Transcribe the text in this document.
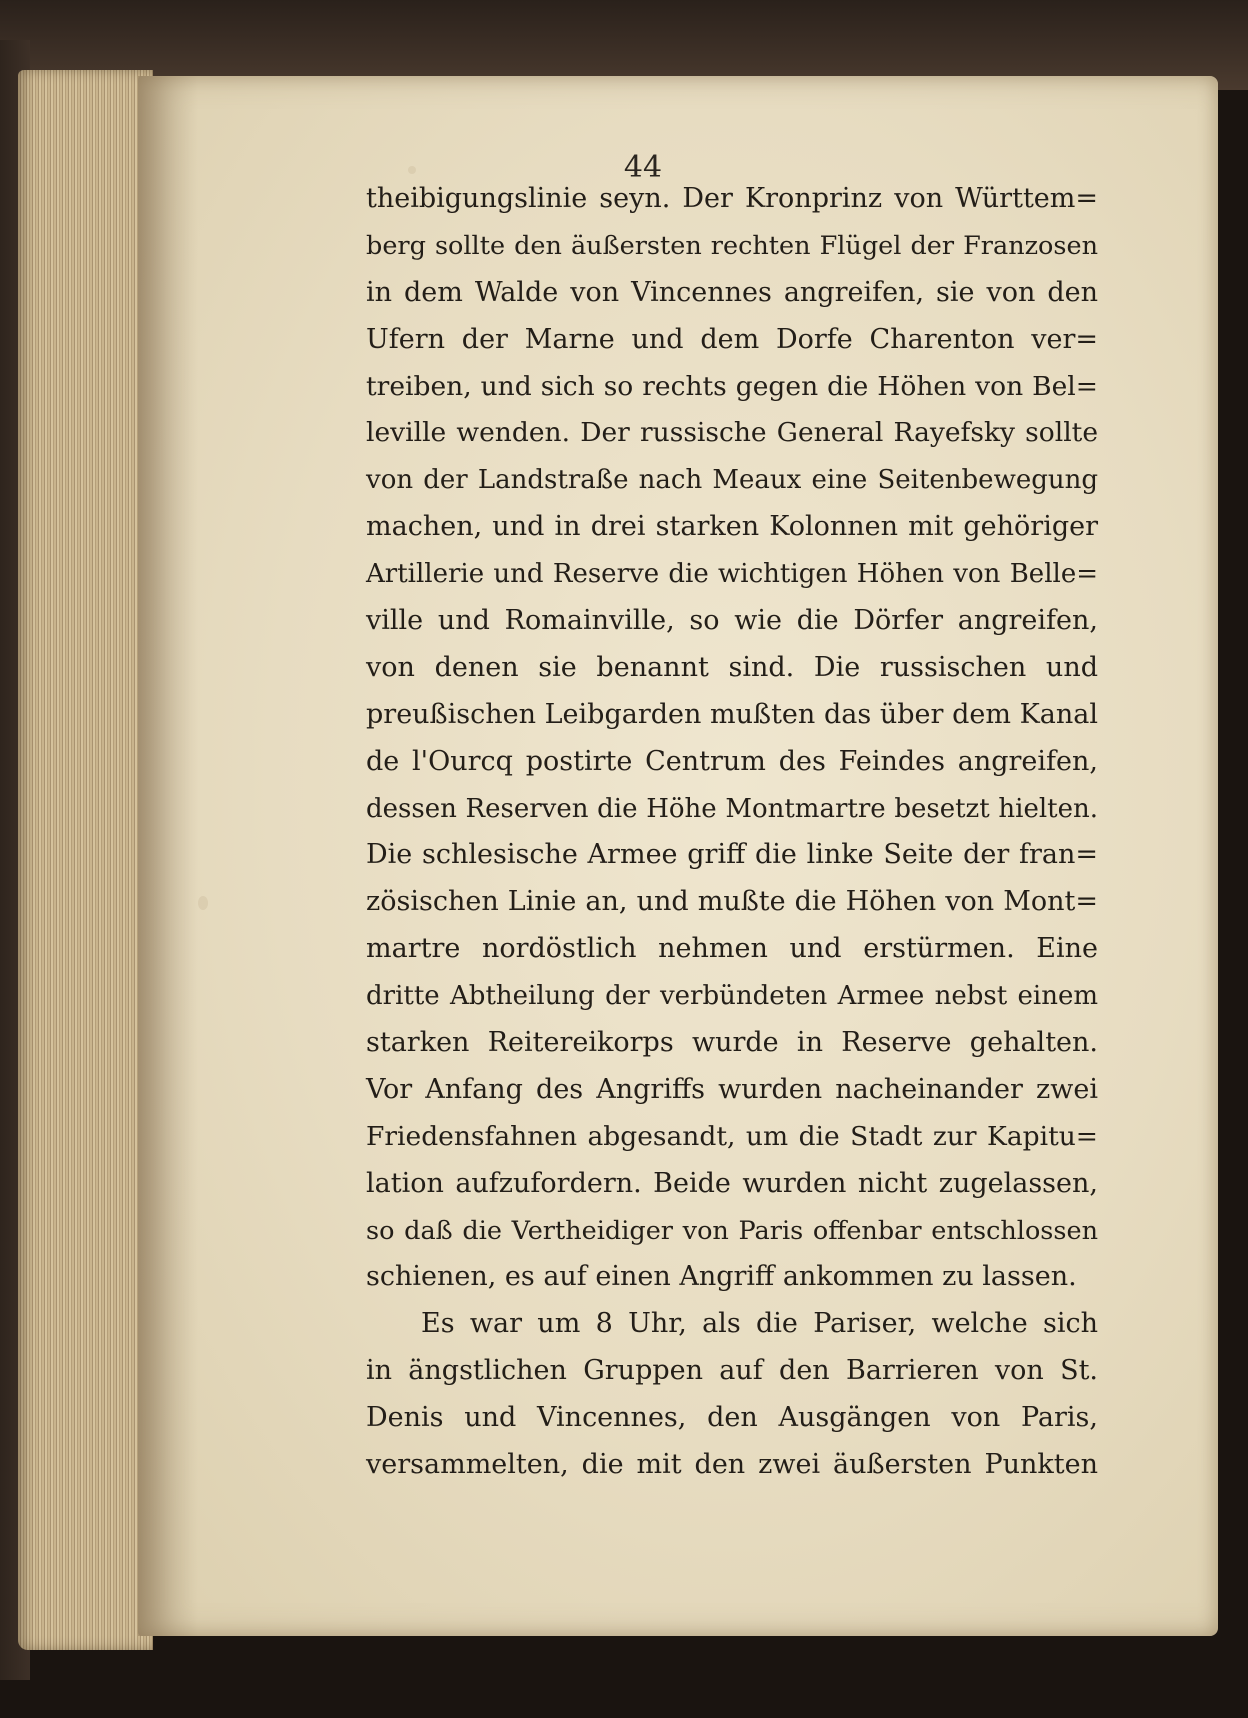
44
theibigungslinie seyn. Der Kronprinz von Württem=
berg sollte den äußersten rechten Flügel der Franzosen
in dem Walde von Vincennes angreifen, sie von den
Ufern der Marne und dem Dorfe Charenton ver=
treiben, und sich so rechts gegen die Höhen von Bel=
leville wenden. Der russische General Rayefsky sollte
von der Landstraße nach Meaux eine Seitenbewegung
machen, und in drei starken Kolonnen mit gehöriger
Artillerie und Reserve die wichtigen Höhen von Belle=
ville und Romainville, so wie die Dörfer angreifen,
von denen sie benannt sind. Die russischen und
preußischen Leibgarden mußten das über dem Kanal
de l'Ourcq postirte Centrum des Feindes angreifen,
dessen Reserven die Höhe Montmartre besetzt hielten.
Die schlesische Armee griff die linke Seite der fran=
zösischen Linie an, und mußte die Höhen von Mont=
martre nordöstlich nehmen und erstürmen. Eine
dritte Abtheilung der verbündeten Armee nebst einem
starken Reitereikorps wurde in Reserve gehalten.
Vor Anfang des Angriffs wurden nacheinander zwei
Friedensfahnen abgesandt, um die Stadt zur Kapitu=
lation aufzufordern. Beide wurden nicht zugelassen,
so daß die Vertheidiger von Paris offenbar entschlossen
schienen, es auf einen Angriff ankommen zu lassen.
Es war um 8 Uhr, als die Pariser, welche sich
in ängstlichen Gruppen auf den Barrieren von St.
Denis und Vincennes, den Ausgängen von Paris,
versammelten, die mit den zwei äußersten Punkten
